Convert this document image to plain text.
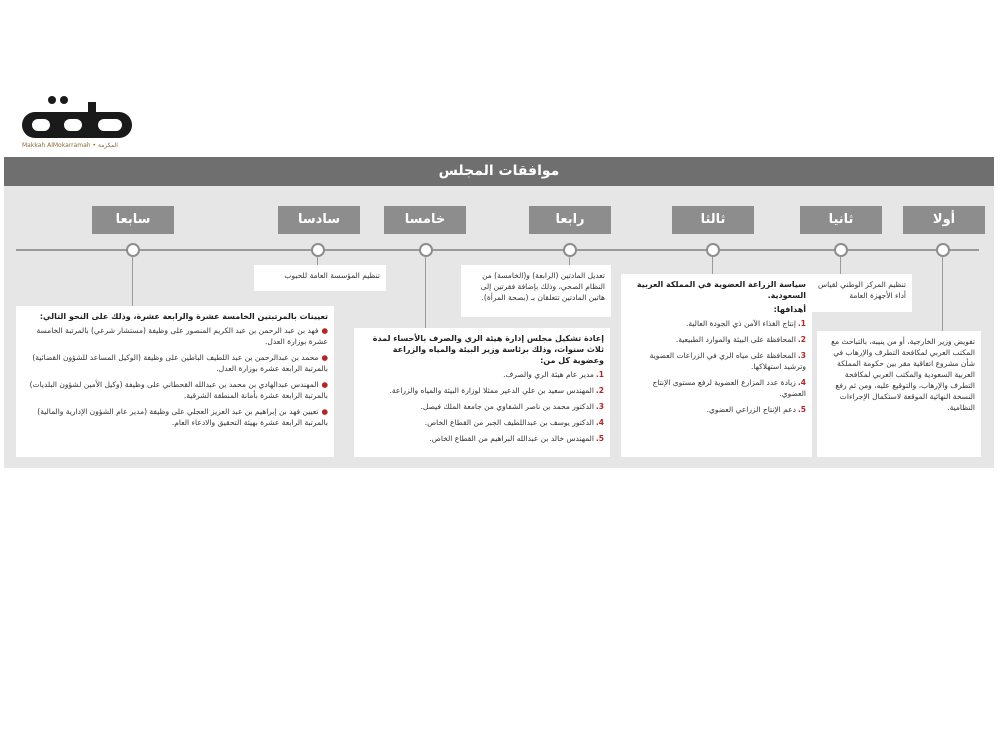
Makkah AlMokarramah • المكرمة
موافقات المجلس
أولا
ثانيا
ثالثا
رابعا
خامسا
سادسا
سابعا
تفويض وزير الخارجية، أو من ينيبه، بالتباحث مع المكتب العربي لمكافحة التطرف والإرهاب في شأن مشروع اتفاقية مقر بين حكومة المملكة العربية السعودية والمكتب العربي لمكافحة التطرف والإرهاب، والتوقيع عليه، ومن ثم رفع النسخة النهائية الموقعة لاستكمال الإجراءات النظامية.
تنظيم المركز الوطني لقياس أداء الأجهزة العامة
سياسة الزراعة العضوية في المملكة العربية السعودية.
أهدافها:
1.إنتاج الغذاء الآمن ذي الجودة العالية.
2.المحافظة على البيئة والموارد الطبيعية.
3.المحافظة على مياه الري في الزراعات العضوية وترشيد استهلاكها.
4.زيادة عدد المزارع العضوية لرفع مستوى الإنتاج العضوي.
5.دعم الإنتاج الزراعي العضوي.
تعديل المادتين (الرابعة) و(الخامسة) من النظام الصحي، وذلك بإضافة فقرتين إلى هاتين المادتين تتعلقان بـ (بصحة المرأة).
إعادة تشكيل مجلس إدارة هيئة الري والصرف بالأحساء لمدة ثلاث سنوات، وذلك برئاسة وزير البيئة والمياه والزراعة وعضوية كل من:
1.مدير عام هيئة الري والصرف.
2.المهندس سعيد بن علي الدعير ممثلا لوزارة البيئة والمياه والزراعة.
3.الدكتور محمد بن ناصر الشفاوي من جامعة الملك فيصل.
4.الدكتور يوسف بن عبداللطيف الجبر من القطاع الخاص.
5.المهندس خالد بن عبدالله البراهيم من القطاع الخاص.
تنظيم المؤسسة العامة للحبوب
تعيينات بالمرتبتين الخامسة عشرة والرابعة عشرة، وذلك على النحو التالي:
●فهد بن عبد الرحمن بن عبد الكريم المنصور على وظيفة (مستشار شرعي) بالمرتبة الخامسة عشرة بوزارة العدل.
●محمد بن عبدالرحمن بن عبد اللطيف الباطين على وظيفة (الوكيل المساعد للشؤون القضائية) بالمرتبة الرابعة عشرة بوزارة العدل.
●المهندس عبدالهادي بن محمد بن عبدالله القحطاني على وظيفة (وكيل الأمين لشؤون البلديات) بالمرتبة الرابعة عشرة بأمانة المنطقة الشرقية.
●تعيين فهد بن إبراهيم بن عبد العزيز العجلي على وظيفة (مدير عام الشؤون الإدارية والمالية) بالمرتبة الرابعة عشرة بهيئة التحقيق والادعاء العام.
